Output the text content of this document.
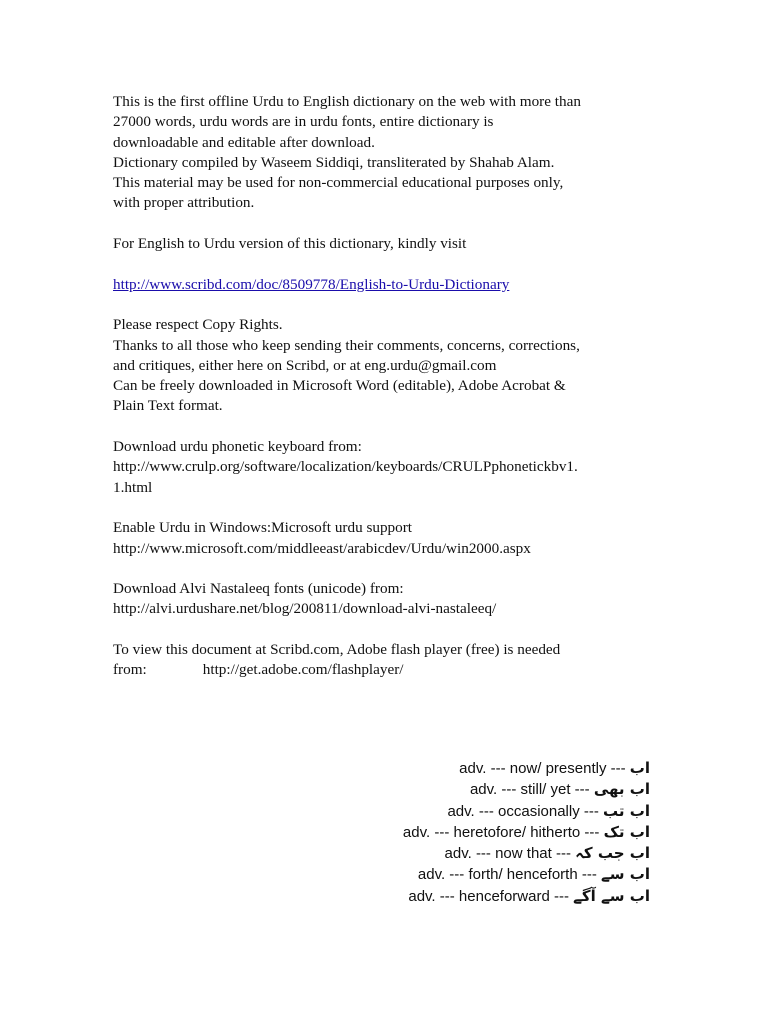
This is the first offline Urdu to English dictionary on the web with more than
27000 words, urdu words are in urdu fonts, entire dictionary is
downloadable and editable after download.
Dictionary compiled by Waseem Siddiqi, transliterated by Shahab Alam.
This material may be used for non-commercial educational purposes only,
with proper attribution.
For English to Urdu version of this dictionary, kindly visit
http://www.scribd.com/doc/8509778/English-to-Urdu-Dictionary
Please respect Copy Rights.
Thanks to all those who keep sending their comments, concerns, corrections,
and critiques, either here on Scribd, or at eng.urdu@gmail.com
Can be freely downloaded in Microsoft Word (editable), Adobe Acrobat &
Plain Text format.
Download urdu phonetic keyboard from:
http://www.crulp.org/software/localization/keyboards/CRULPphonetickbv1.
1.html
Enable Urdu in Windows:Microsoft urdu support
http://www.microsoft.com/middleeast/arabicdev/Urdu/win2000.aspx
Download Alvi Nastaleeq fonts (unicode) from:
http://alvi.urdushare.net/blog/200811/download-alvi-nastaleeq/
To view this document at Scribd.com, Adobe flash player (free) is needed
from:	http://get.adobe.com/flashplayer/
adv. --- now/ presently --- اب
adv. --- still/ yet --- اب بھی
adv. --- occasionally --- اب تب
adv. --- heretofore/ hitherto --- اب تک
adv. --- now that --- اب جب کہ
adv. --- forth/ henceforth --- اب سے
adv. --- henceforward --- اب سے آگے
